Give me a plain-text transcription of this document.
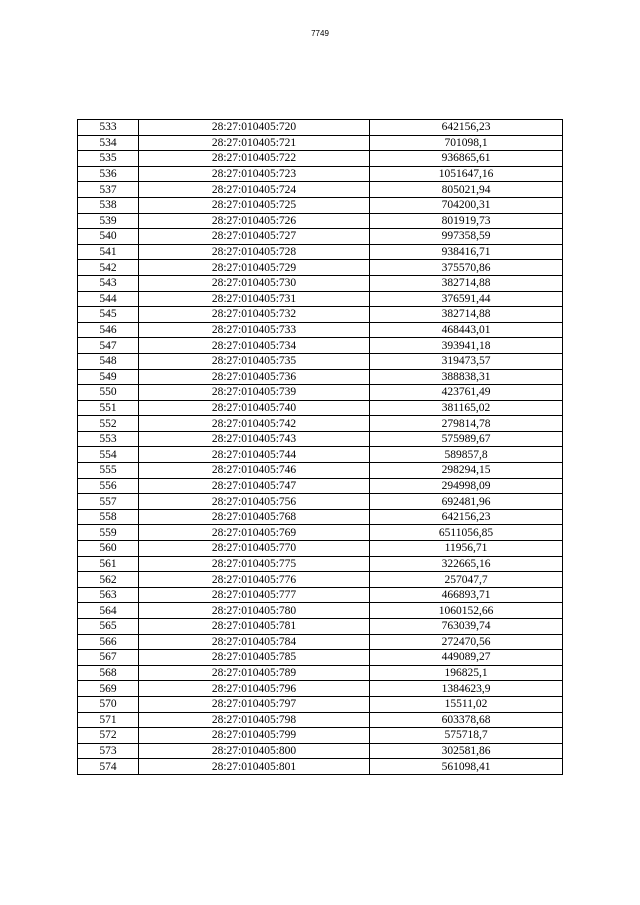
7749
533	28:27:010405:720	642156,23
534	28:27:010405:721	701098,1
535	28:27:010405:722	936865,61
536	28:27:010405:723	1051647,16
537	28:27:010405:724	805021,94
538	28:27:010405:725	704200,31
539	28:27:010405:726	801919,73
540	28:27:010405:727	997358,59
541	28:27:010405:728	938416,71
542	28:27:010405:729	375570,86
543	28:27:010405:730	382714,88
544	28:27:010405:731	376591,44
545	28:27:010405:732	382714,88
546	28:27:010405:733	468443,01
547	28:27:010405:734	393941,18
548	28:27:010405:735	319473,57
549	28:27:010405:736	388838,31
550	28:27:010405:739	423761,49
551	28:27:010405:740	381165,02
552	28:27:010405:742	279814,78
553	28:27:010405:743	575989,67
554	28:27:010405:744	589857,8
555	28:27:010405:746	298294,15
556	28:27:010405:747	294998,09
557	28:27:010405:756	692481,96
558	28:27:010405:768	642156,23
559	28:27:010405:769	6511056,85
560	28:27:010405:770	11956,71
561	28:27:010405:775	322665,16
562	28:27:010405:776	257047,7
563	28:27:010405:777	466893,71
564	28:27:010405:780	1060152,66
565	28:27:010405:781	763039,74
566	28:27:010405:784	272470,56
567	28:27:010405:785	449089,27
568	28:27:010405:789	196825,1
569	28:27:010405:796	1384623,9
570	28:27:010405:797	15511,02
571	28:27:010405:798	603378,68
572	28:27:010405:799	575718,7
573	28:27:010405:800	302581,86
574	28:27:010405:801	561098,41
